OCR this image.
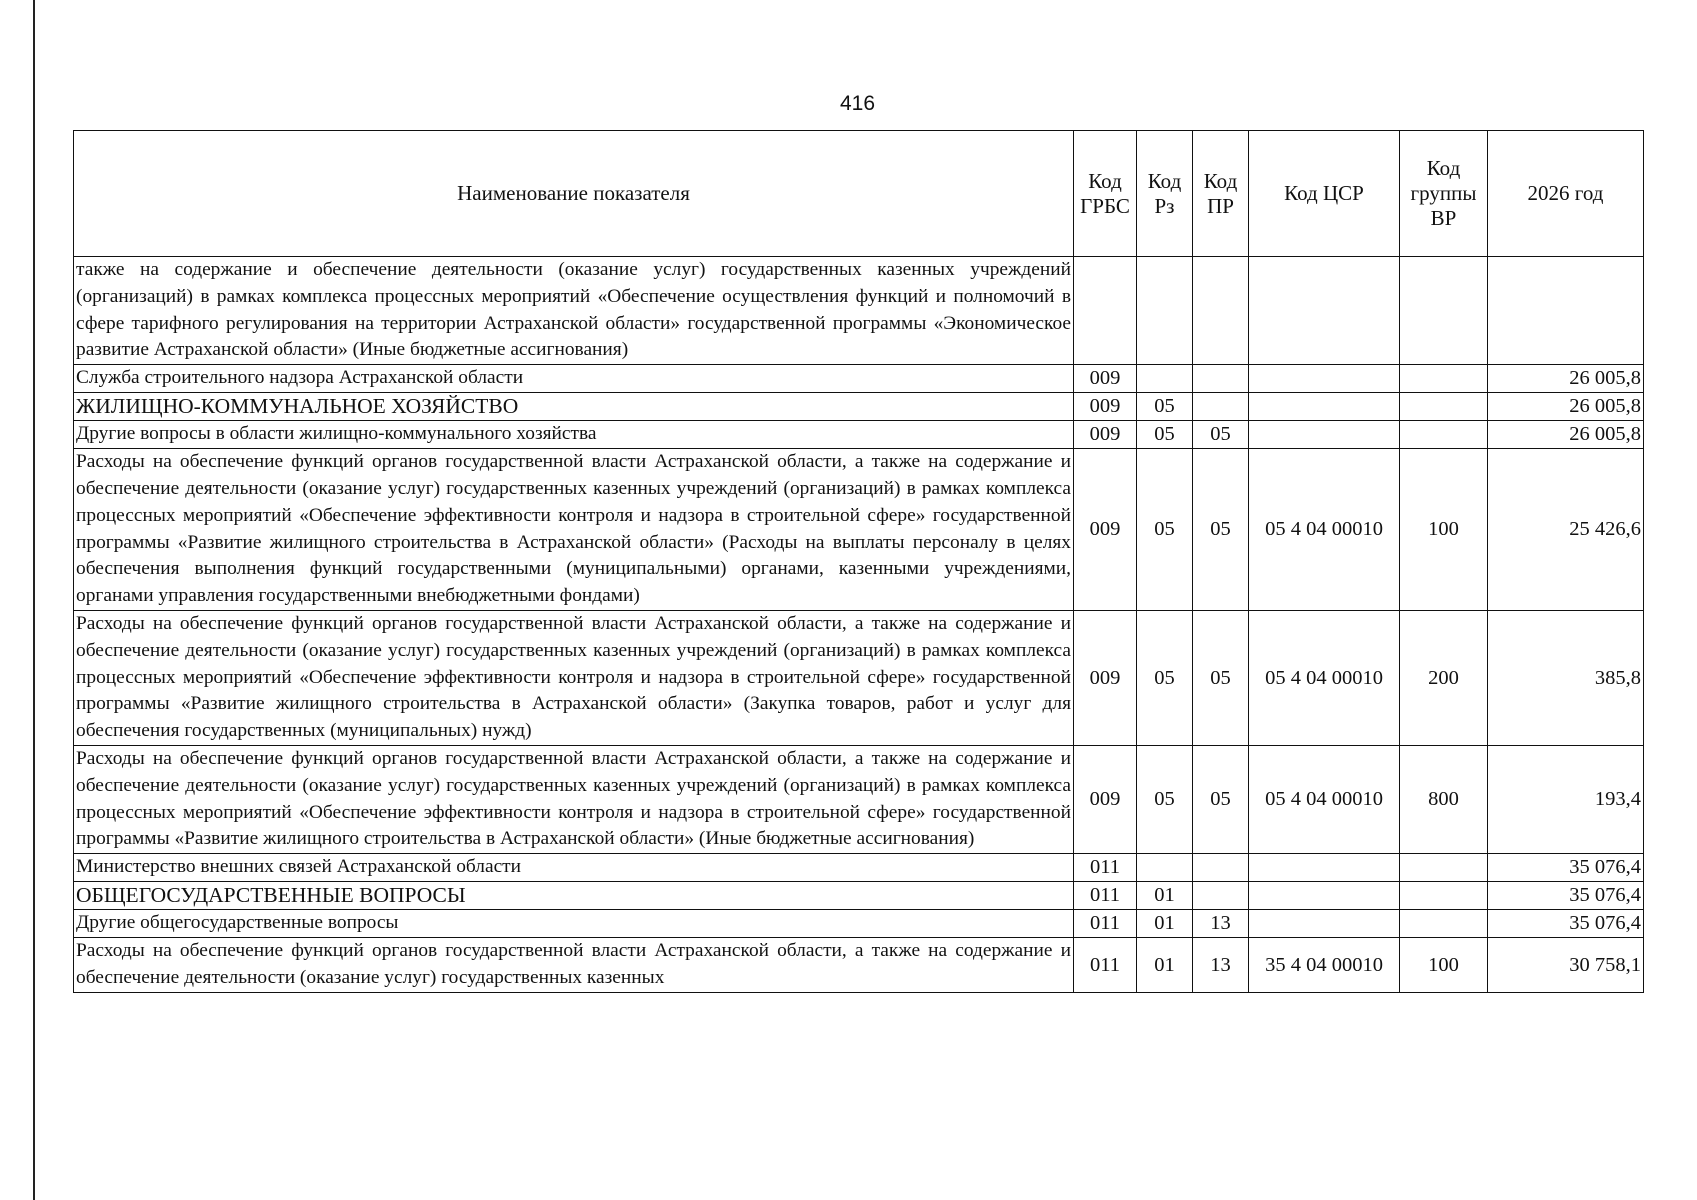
416
Наименование показателя	Код ГРБС	Код Рз	Код ПР	Код ЦСР	Код группы ВР	2026 год
также на содержание и обеспечение деятельности (оказание услуг) государственных казенных учреждений (организаций) в рамках комплекса процессных мероприятий «Обеспечение осуществления функций и полномочий в сфере тарифного регулирования на территории Астраханской области» государственной программы «Экономическое развитие Астраханской области» (Иные бюджетные ассигнования)						
Служба строительного надзора Астраханской области	009					26 005,8
ЖИЛИЩНО-КОММУНАЛЬНОЕ ХОЗЯЙСТВО	009	05				26 005,8
Другие вопросы в области жилищно-коммунального хозяйства	009	05	05			26 005,8
Расходы на обеспечение функций органов государственной власти Астраханской области, а также на содержание и обеспечение деятельности (оказание услуг) государственных казенных учреждений (организаций) в рамках комплекса процессных мероприятий «Обеспечение эффективности контроля и надзора в строительной сфере» государственной программы «Развитие жилищного строительства в Астраханской области» (Расходы на выплаты персоналу в целях обеспечения выполнения функций государственными (муниципальными) органами, казенными учреждениями, органами управления государственными внебюджетными фондами)	009	05	05	05 4 04 00010	100	25 426,6
Расходы на обеспечение функций органов государственной власти Астраханской области, а также на содержание и обеспечение деятельности (оказание услуг) государственных казенных учреждений (организаций) в рамках комплекса процессных мероприятий «Обеспечение эффективности контроля и надзора в строительной сфере» государственной программы «Развитие жилищного строительства в Астраханской области» (Закупка товаров, работ и услуг для обеспечения государственных (муниципальных) нужд)	009	05	05	05 4 04 00010	200	385,8
Расходы на обеспечение функций органов государственной власти Астраханской области, а также на содержание и обеспечение деятельности (оказание услуг) государственных казенных учреждений (организаций) в рамках комплекса процессных мероприятий «Обеспечение эффективности контроля и надзора в строительной сфере» государственной программы «Развитие жилищного строительства в Астраханской области» (Иные бюджетные ассигнования)	009	05	05	05 4 04 00010	800	193,4
Министерство внешних связей Астраханской области	011					35 076,4
ОБЩЕГОСУДАРСТВЕННЫЕ ВОПРОСЫ	011	01				35 076,4
Другие общегосударственные вопросы	011	01	13			35 076,4
Расходы на обеспечение функций органов государственной власти Астраханской области, а также на содержание и обеспечение деятельности (оказание услуг) государственных казенных	011	01	13	35 4 04 00010	100	30 758,1
